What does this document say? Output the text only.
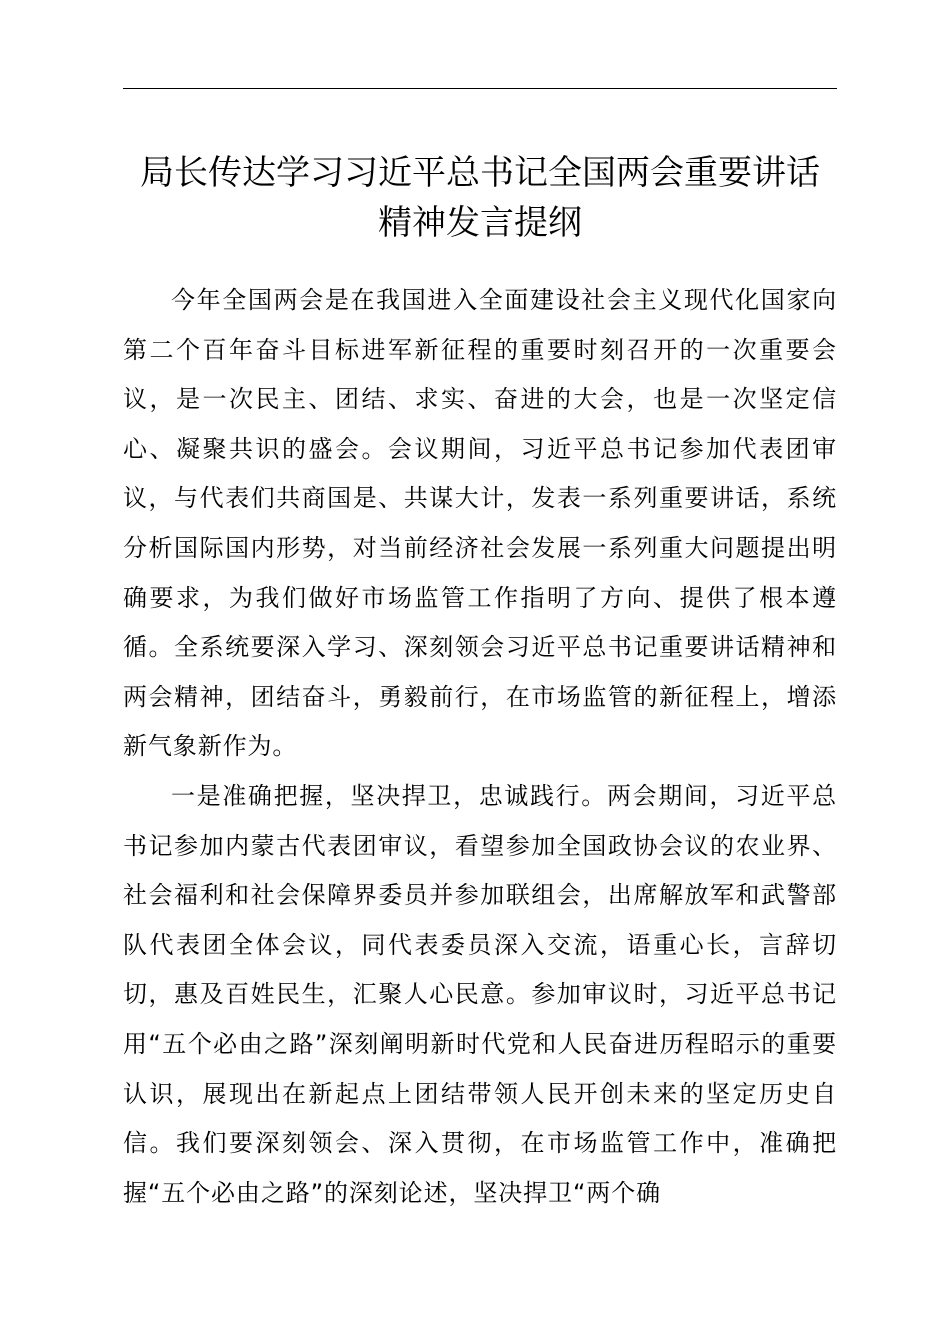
局长传达学习习近平总书记全国两会重要讲话
精神发言提纲

今年全国两会是在我国进入全面建设社会主义现代化国家向第二个百年奋斗目标进军新征程的重要时刻召开的一次重要会议，是一次民主、团结、求实、奋进的大会，也是一次坚定信心、凝聚共识的盛会。会议期间，习近平总书记参加代表团审议，与代表们共商国是、共谋大计，发表一系列重要讲话，系统分析国际国内形势，对当前经济社会发展一系列重大问题提出明确要求，为我们做好市场监管工作指明了方向、提供了根本遵循。全系统要深入学习、深刻领会习近平总书记重要讲话精神和两会精神，团结奋斗，勇毅前行，在市场监管的新征程上，增添新气象新作为。

一是准确把握，坚决捍卫，忠诚践行。两会期间，习近平总书记参加内蒙古代表团审议，看望参加全国政协会议的农业界、社会福利和社会保障界委员并参加联组会，出席解放军和武警部队代表团全体会议，同代表委员深入交流，语重心长，言辞切切，惠及百姓民生，汇聚人心民意。参加审议时，习近平总书记用“五个必由之路”深刻阐明新时代党和人民奋进历程昭示的重要认识，展现出在新起点上团结带领人民开创未来的坚定历史自信。我们要深刻领会、深入贯彻，在市场监管工作中，准确把握“五个必由之路”的深刻论述，坚决捍卫“两个确
